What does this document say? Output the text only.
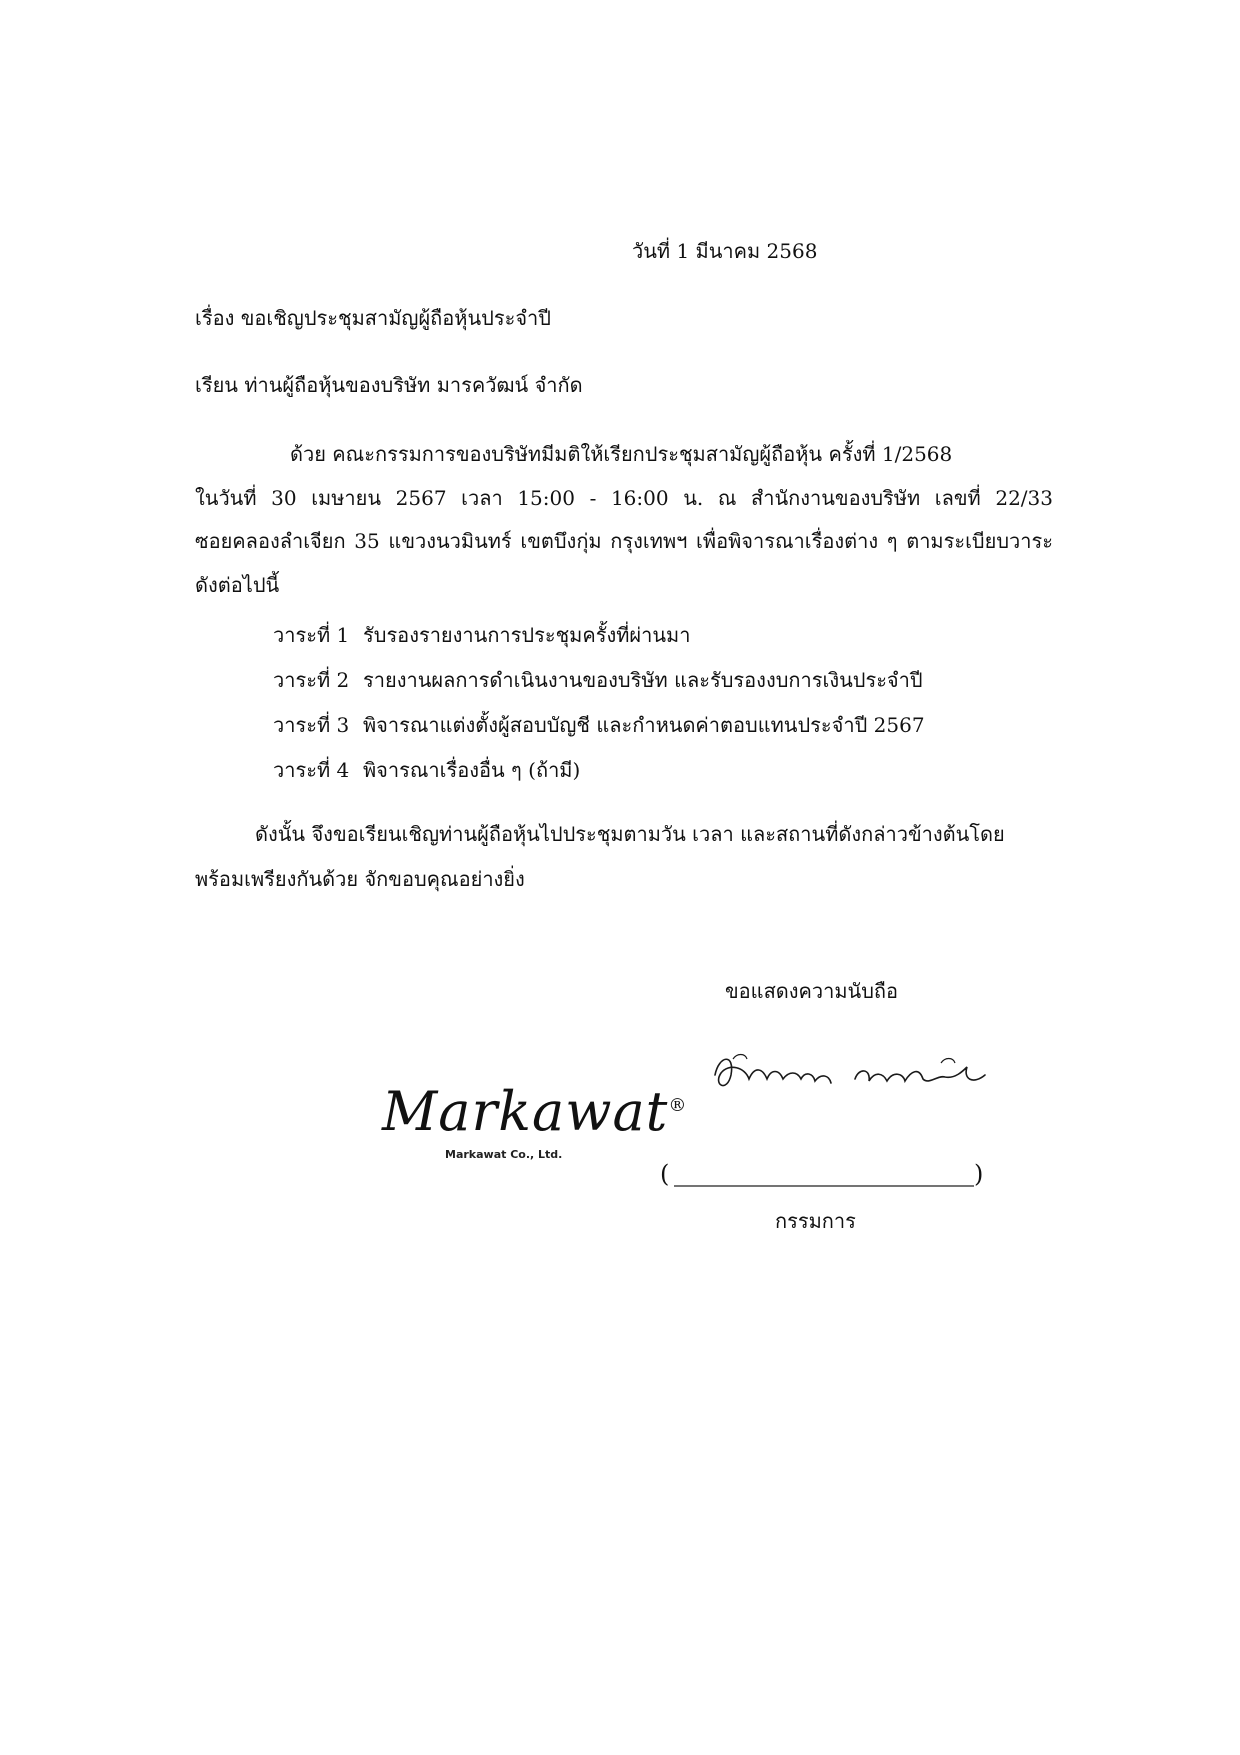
วันที่ 1 มีนาคม 2568
เรื่อง ขอเชิญประชุมสามัญผู้ถือหุ้นประจำปี
เรียน ท่านผู้ถือหุ้นของบริษัท มารควัฒน์ จำกัด
ด้วย คณะกรรมการของบริษัทมีมติให้เรียกประชุมสามัญผู้ถือหุ้น ครั้งที่ 1/2568
ในวันที่ 30 เมษายน 2567 เวลา 15:00 - 16:00 น. ณ สำนักงานของบริษัท เลขที่ 22/33
ซอยคลองลำเจียก 35 แขวงนวมินทร์ เขตบึงกุ่ม กรุงเทพฯ เพื่อพิจารณาเรื่องต่าง ๆ ตามระเบียบวาระ
ดังต่อไปนี้
วาระที่ 1 รับรองรายงานการประชุมครั้งที่ผ่านมา
วาระที่ 2 รายงานผลการดำเนินงานของบริษัท และรับรองงบการเงินประจำปี
วาระที่ 3 พิจารณาแต่งตั้งผู้สอบบัญชี และกำหนดค่าตอบแทนประจำปี 2567
วาระที่ 4 พิจารณาเรื่องอื่น ๆ (ถ้ามี)
ดังนั้น จึงขอเรียนเชิญท่านผู้ถือหุ้นไปประชุมตามวัน เวลา และสถานที่ดังกล่าวข้างต้นโดย
พร้อมเพรียงกันด้วย จักขอบคุณอย่างยิ่ง
ขอแสดงความนับถือ
Markawat®
Markawat Co., Ltd.
(	)
กรรมการ
